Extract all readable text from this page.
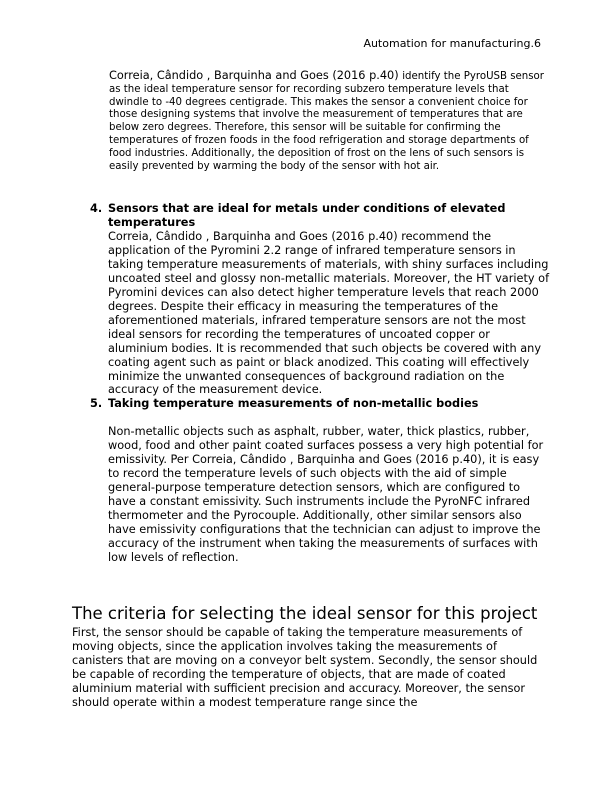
Automation for manufacturing.6

Correia, Cândido , Barquinha and Goes (2016 p.40) identify the PyroUSB sensor as the ideal temperature sensor for recording subzero temperature levels that dwindle to -40 degrees centigrade. This makes the sensor a convenient choice for those designing systems that involve the measurement of temperatures that are below zero degrees. Therefore, this sensor will be suitable for confirming the temperatures of frozen foods in the food refrigeration and storage departments of food industries. Additionally, the deposition of frost on the lens of such sensors is easily prevented by warming the body of the sensor with hot air.

4. Sensors that are ideal for metals under conditions of elevated temperatures

Correia, Cândido , Barquinha and Goes (2016 p.40) recommend the application of the Pyromini 2.2 range of infrared temperature sensors in taking temperature measurements of materials, with shiny surfaces including uncoated steel and glossy non-metallic materials. Moreover, the HT variety of Pyromini devices can also detect higher temperature levels that reach 2000 degrees. Despite their efficacy in measuring the temperatures of the aforementioned materials, infrared temperature sensors are not the most ideal sensors for recording the temperatures of uncoated copper or aluminium bodies. It is recommended that such objects be covered with any coating agent such as paint or black anodized. This coating will effectively minimize the unwanted consequences of background radiation on the accuracy of the measurement device.

5. Taking temperature measurements of non-metallic bodies

Non-metallic objects such as asphalt, rubber, water, thick plastics, rubber, wood, food and other paint coated surfaces possess a very high potential for emissivity. Per Correia, Cândido , Barquinha and Goes (2016 p.40), it is easy to record the temperature levels of such objects with the aid of simple general-purpose temperature detection sensors, which are configured to have a constant emissivity. Such instruments include the PyroNFC infrared thermometer and the Pyrocouple. Additionally, other similar sensors also have emissivity configurations that the technician can adjust to improve the accuracy of the instrument when taking the measurements of surfaces with low levels of reflection.

The criteria for selecting the ideal sensor for this project

First, the sensor should be capable of taking the temperature measurements of moving objects, since the application involves taking the measurements of canisters that are moving on a conveyor belt system. Secondly, the sensor should be capable of recording the temperature of objects, that are made of coated aluminium material with sufficient precision and accuracy. Moreover, the sensor should operate within a modest temperature range since the
